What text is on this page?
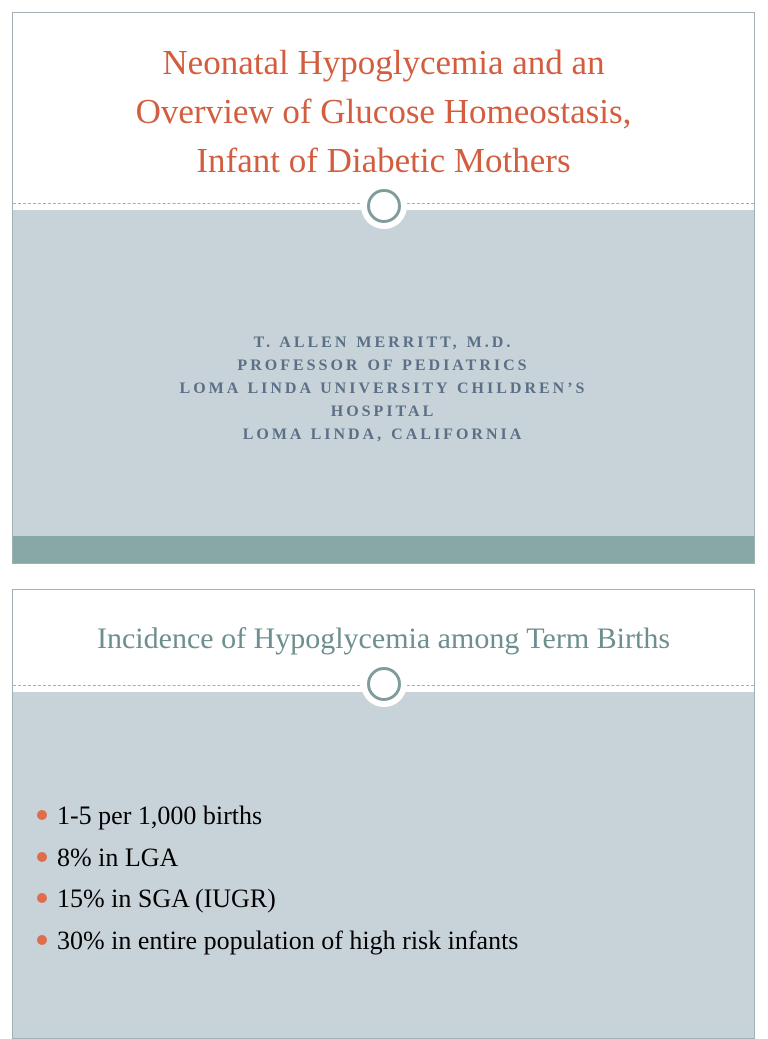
Neonatal Hypoglycemia and an
Overview of Glucose Homeostasis,
Infant of Diabetic Mothers
T. ALLEN MERRITT, M.D.
PROFESSOR OF PEDIATRICS
LOMA LINDA UNIVERSITY CHILDREN’S HOSPITAL
LOMA LINDA, CALIFORNIA
Incidence of Hypoglycemia among Term Births
1-5 per 1,000 births
8% in LGA
15% in SGA (IUGR)
30% in entire population of high risk infants
